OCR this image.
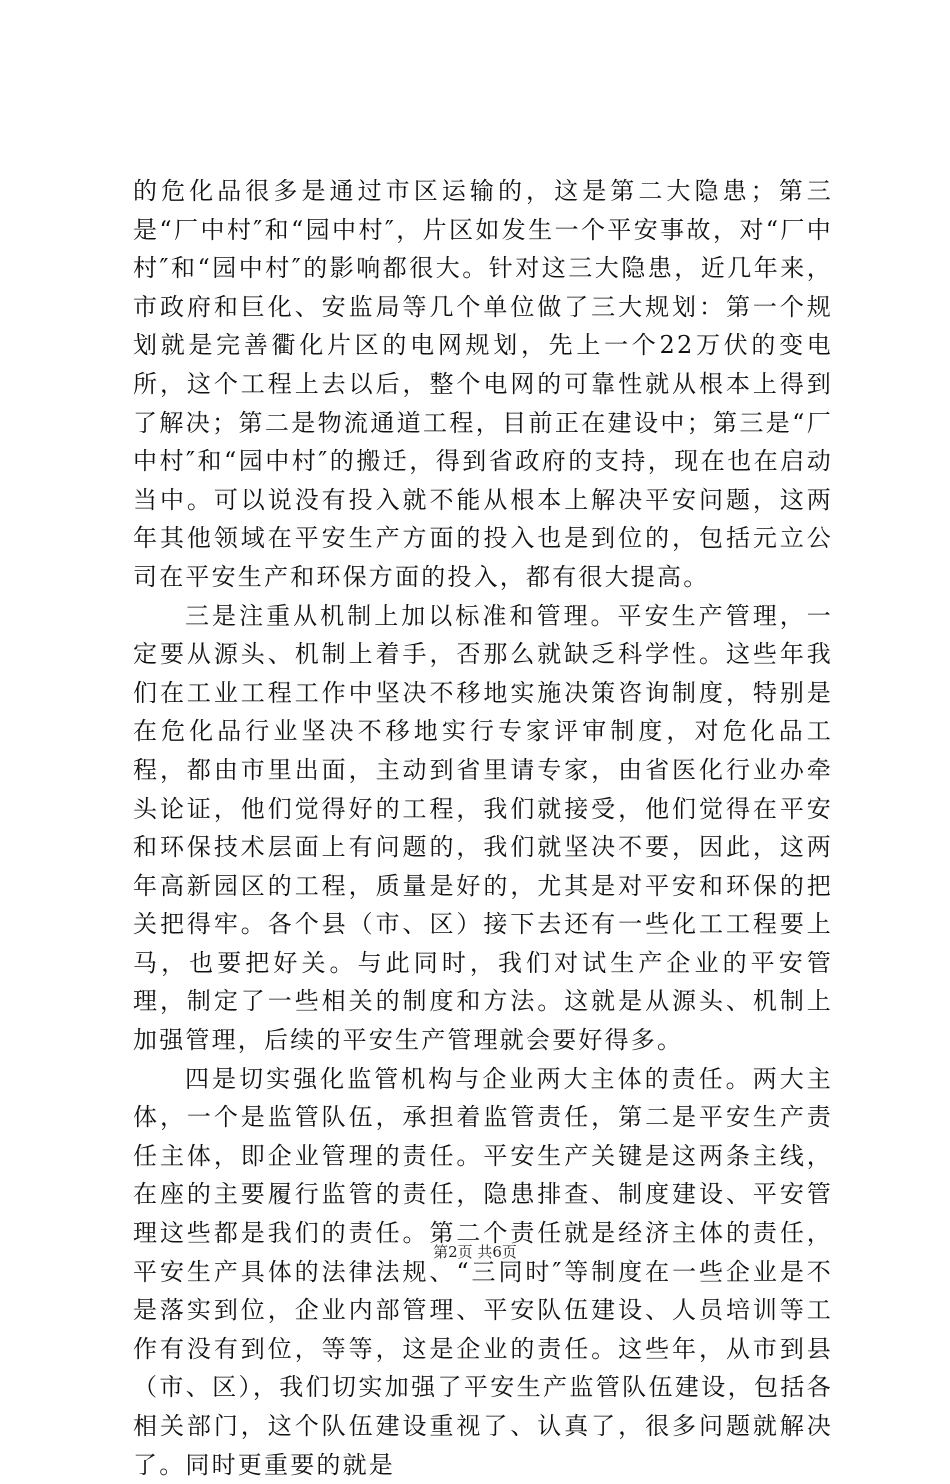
的危化品很多是通过市区运输的，这是第二大隐患；第三是“厂中村″和“园中村″，片区如发生一个平安事故，对“厂中村″和“园中村″的影响都很大。针对这三大隐患，近几年来，市政府和巨化、安监局等几个单位做了三大规划：第一个规划就是完善衢化片区的电网规划，先上一个22万伏的变电所，这个工程上去以后，整个电网的可靠性就从根本上得到了解决；第二是物流通道工程，目前正在建设中；第三是“厂中村″和“园中村″的搬迁，得到省政府的支持，现在也在启动当中。可以说没有投入就不能从根本上解决平安问题，这两年其他领域在平安生产方面的投入也是到位的，包括元立公司在平安生产和环保方面的投入，都有很大提高。

三是注重从机制上加以标准和管理。平安生产管理，一定要从源头、机制上着手，否那么就缺乏科学性。这些年我们在工业工程工作中坚决不移地实施决策咨询制度，特别是在危化品行业坚决不移地实行专家评审制度，对危化品工程，都由市里出面，主动到省里请专家，由省医化行业办牵头论证，他们觉得好的工程，我们就接受，他们觉得在平安和环保技术层面上有问题的，我们就坚决不要，因此，这两年高新园区的工程，质量是好的，尤其是对平安和环保的把关把得牢。各个县（市、区）接下去还有一些化工工程要上马，也要把好关。与此同时，我们对试生产企业的平安管理，制定了一些相关的制度和方法。这就是从源头、机制上加强管理，后续的平安生产管理就会要好得多。

四是切实强化监管机构与企业两大主体的责任。两大主体，一个是监管队伍，承担着监管责任，第二是平安生产责任主体，即企业管理的责任。平安生产关键是这两条主线，在座的主要履行监管的责任，隐患排查、制度建设、平安管理这些都是我们的责任。第二个责任就是经济主体的责任，平安生产具体的法律法规、“三同时″等制度在一些企业是不是落实到位，企业内部管理、平安队伍建设、人员培训等工作有没有到位，等等，这是企业的责任。这些年，从市到县（市、区），我们切实加强了平安生产监管队伍建设，包括各相关部门，这个队伍建设重视了、认真了，很多问题就解决了。同时更重要的就是

第2页 共6页
